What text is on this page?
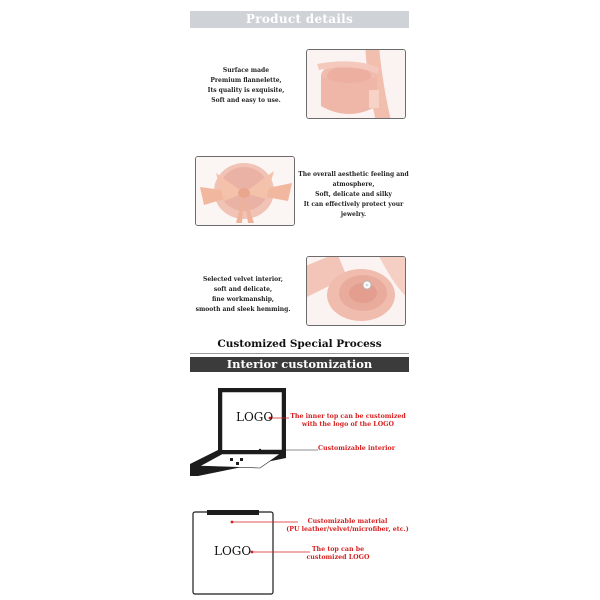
Product details
Surface made
Premium flannelette,
Its quality is exquisite,
Soft and easy to use.
The overall aesthetic feeling and
atmosphere,
Soft, delicate and silky
It can effectively protect your
jewelry.
Selected velvet interior,
soft and delicate,
fine workmanship,
smooth and sleek hemming.
Customized Special Process
Interior customization
LOGO	The inner top can be customized
with the logo of the LOGO
Customizable interior
LOGO
Customizable material
(PU leather/velvet/microfiber, etc.)
The top can be
customized LOGO
